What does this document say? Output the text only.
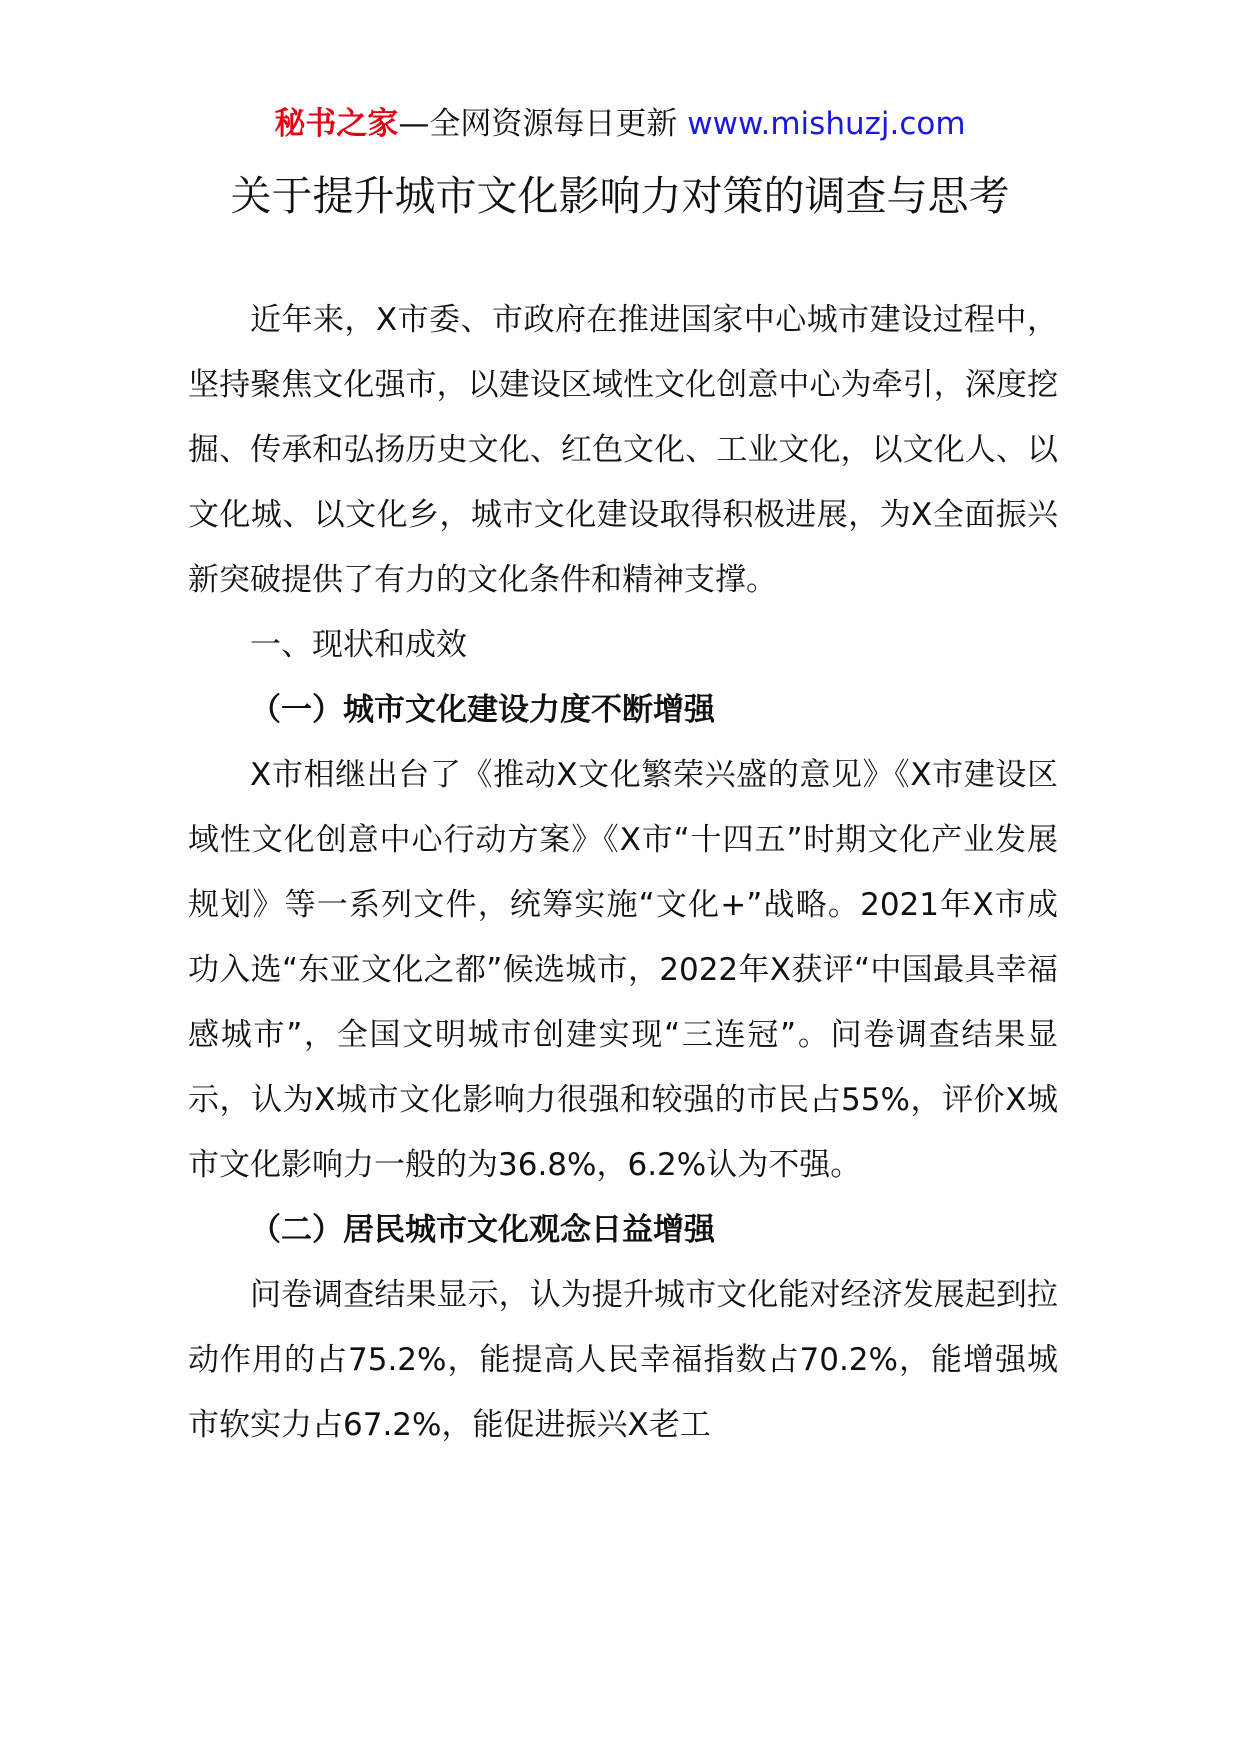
秘书之家—全网资源每日更新 www.mishuzj.com
关于提升城市文化影响力对策的调查与思考

近年来，X市委、市政府在推进国家中心城市建设过程中，坚持聚焦文化强市，以建设区域性文化创意中心为牵引，深度挖掘、传承和弘扬历史文化、红色文化、工业文化，以文化人、以文化城、以文化乡，城市文化建设取得积极进展，为X全面振兴新突破提供了有力的文化条件和精神支撑。

一、现状和成效

（一）城市文化建设力度不断增强

X市相继出台了《推动X文化繁荣兴盛的意见》《X市建设区域性文化创意中心行动方案》《X市“十四五”时期文化产业发展规划》等一系列文件，统筹实施“文化+”战略。2021年X市成功入选“东亚文化之都”候选城市，2022年X获评“中国最具幸福感城市”，全国文明城市创建实现“三连冠”。问卷调查结果显示，认为X城市文化影响力很强和较强的市民占55%，评价X城市文化影响力一般的为36.8%，6.2%认为不强。

（二）居民城市文化观念日益增强

问卷调查结果显示，认为提升城市文化能对经济发展起到拉动作用的占75.2%，能提高人民幸福指数占70.2%，能增强城市软实力占67.2%，能促进振兴X老工
